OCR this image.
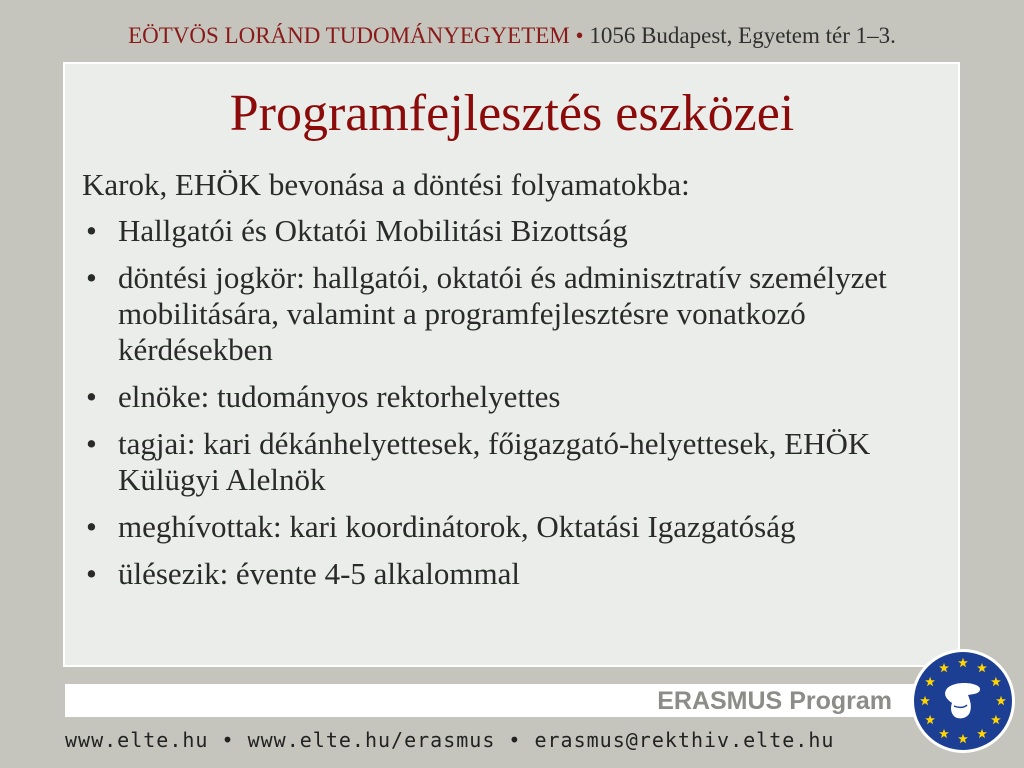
EÖTVÖS LORÁND TUDOMÁNYEGYETEM • 1056 Budapest, Egyetem tér 1–3.
Programfejlesztés eszközei
Karok, EHÖK bevonása a döntési folyamatokba:
• Hallgatói és Oktatói Mobilitási Bizottság
• döntési jogkör: hallgatói, oktatói és adminisztratív személyzet mobilitására, valamint a programfejlesztésre vonatkozó kérdésekben
• elnöke: tudományos rektorhelyettes
• tagjai: kari dékánhelyettesek, főigazgató-helyettesek, EHÖK Külügyi Alelnök
• meghívottak: kari koordinátorok, Oktatási Igazgatóság
• ülésezik: évente 4-5 alkalommal
ERASMUS Program
www.elte.hu • www.elte.hu/erasmus • erasmus@rekthiv.elte.hu
